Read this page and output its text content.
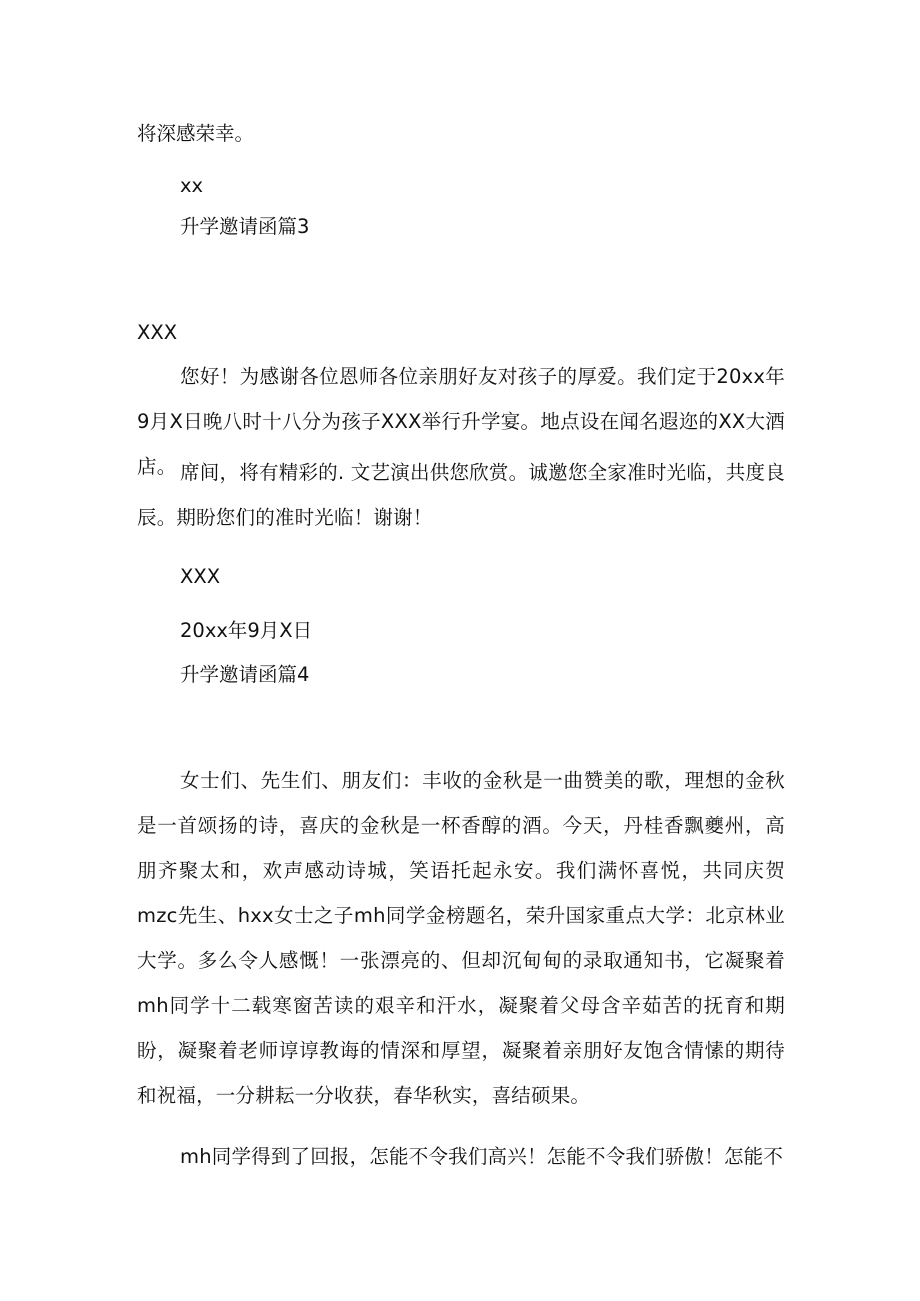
将深感荣幸。
xx
升学邀请函篇3
XXX
您好！为感谢各位恩师各位亲朋好友对孩子的厚爱。我们定于20xx年9月X日晚八时十八分为孩子XXX举行升学宴。地点设在闻名遐迩的XX大酒店。 席间，将有精彩的. 文艺演出供您欣赏。诚邀您全家准时光临，共度良辰。期盼您们的准时光临！谢谢！
XXX
20xx年9月X日
升学邀请函篇4
女士们、先生们、朋友们：丰收的金秋是一曲赞美的歌，理想的金秋是一首颂扬的诗，喜庆的金秋是一杯香醇的酒。今天，丹桂香飘夔州，高朋齐聚太和，欢声感动诗城，笑语托起永安。我们满怀喜悦，共同庆贺mzc先生、hxx女士之子mh同学金榜题名，荣升国家重点大学：北京林业大学。多么令人感慨！一张漂亮的、但却沉甸甸的录取通知书，它凝聚着mh同学十二载寒窗苦读的艰辛和汗水，凝聚着父母含辛茹苦的抚育和期盼，凝聚着老师谆谆教诲的情深和厚望，凝聚着亲朋好友饱含情愫的期待和祝福，一分耕耘一分收获，春华秋实，喜结硕果。
mh同学得到了回报，怎能不令我们高兴！怎能不令我们骄傲！怎能不
